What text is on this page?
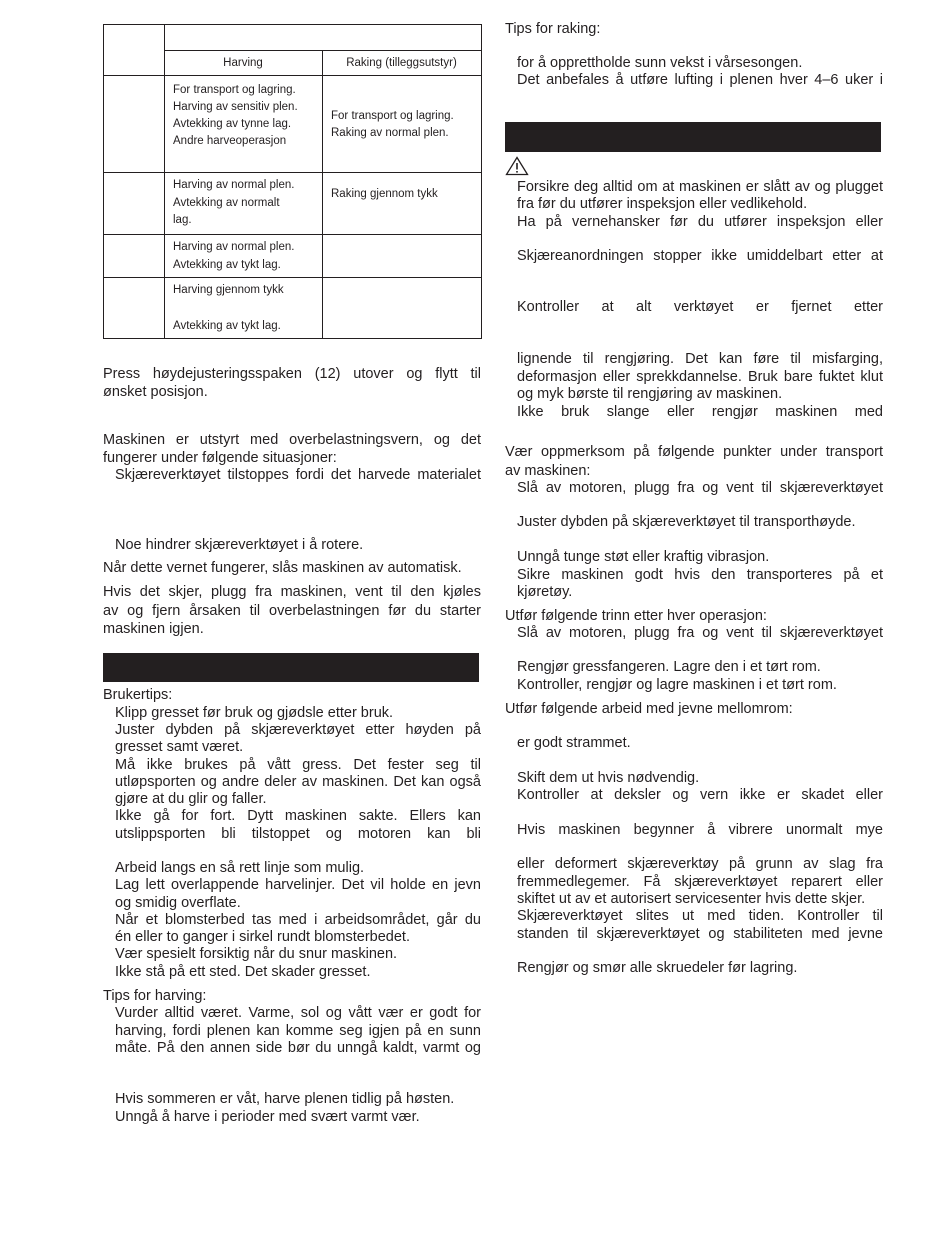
Harving	Raking (tilleggsutstyr)
For transport og lagring.
Harving av sensitiv plen.
Avtekking av tynne lag.
Andre harveoperasjon
For transport og lagring.
Raking av normal plen.
Harving av normal plen.
Avtekking av normalt
lag.
Raking gjennom tykk
Harving av normal plen.
Avtekking av tykt lag.
Harving gjennom tykk
Avtekking av tykt lag.
Press høydejusteringsspaken (12) utover og flytt til
ønsket posisjon.
Maskinen er utstyrt med overbelastningsvern, og det
fungerer under følgende situasjoner:
Skjæreverktøyet tilstoppes fordi det harvede materialet
Noe hindrer skjæreverktøyet i å rotere.
Når dette vernet fungerer, slås maskinen av automatisk.
Hvis det skjer, plugg fra maskinen, vent til den kjøles
av og fjern årsaken til overbelastningen før du starter
maskinen igjen.
Brukertips:
Klipp gresset før bruk og gjødsle etter bruk.
Juster dybden på skjæreverktøyet etter høyden på
gresset samt været.
Må ikke brukes på vått gress. Det fester seg til
utløpsporten og andre deler av maskinen. Det kan også
gjøre at du glir og faller.
Ikke gå for fort. Dytt maskinen sakte. Ellers kan
utslippsporten bli tilstoppet og motoren kan bli
Arbeid langs en så rett linje som mulig.
Lag lett overlappende harvelinjer. Det vil holde en jevn
og smidig overflate.
Når et blomsterbed tas med i arbeidsområdet, går du
én eller to ganger i sirkel rundt blomsterbedet.
Vær spesielt forsiktig når du snur maskinen.
Ikke stå på ett sted. Det skader gresset.
Tips for harving:
Vurder alltid været. Varme, sol og vått vær er godt for
harving, fordi plenen kan komme seg igjen på en sunn
måte. På den annen side bør du unngå kaldt, varmt og
Hvis sommeren er våt, harve plenen tidlig på høsten.
Unngå å harve i perioder med svært varmt vær.
Tips for raking:
for å opprettholde sunn vekst i vårsesongen.
Det anbefales å utføre lufting i plenen hver 4–6 uker i
Forsikre deg alltid om at maskinen er slått av og plugget
fra før du utfører inspeksjon eller vedlikehold.
Ha på vernehansker før du utfører inspeksjon eller
Skjæreanordningen stopper ikke umiddelbart etter at
Kontroller at alt verktøyet er fjernet etter
lignende til rengjøring. Det kan føre til misfarging,
deformasjon eller sprekkdannelse. Bruk bare fuktet klut
og myk børste til rengjøring av maskinen.
Ikke bruk slange eller rengjør maskinen med
Vær oppmerksom på følgende punkter under transport
av maskinen:
Slå av motoren, plugg fra og vent til skjæreverktøyet
Juster dybden på skjæreverktøyet til transporthøyde.
Unngå tunge støt eller kraftig vibrasjon.
Sikre maskinen godt hvis den transporteres på et
kjøretøy.
Utfør følgende trinn etter hver operasjon:
Slå av motoren, plugg fra og vent til skjæreverktøyet
Rengjør gressfangeren. Lagre den i et tørt rom.
Kontroller, rengjør og lagre maskinen i et tørt rom.
Utfør følgende arbeid med jevne mellomrom:
er godt strammet.
Skift dem ut hvis nødvendig.
Kontroller at deksler og vern ikke er skadet eller
Hvis maskinen begynner å vibrere unormalt mye
eller deformert skjæreverktøy på grunn av slag fra
fremmedlegemer. Få skjæreverktøyet reparert eller
skiftet ut av et autorisert servicesenter hvis dette skjer.
Skjæreverktøyet slites ut med tiden. Kontroller til
standen til skjæreverktøyet og stabiliteten med jevne
Rengjør og smør alle skruedeler før lagring.
